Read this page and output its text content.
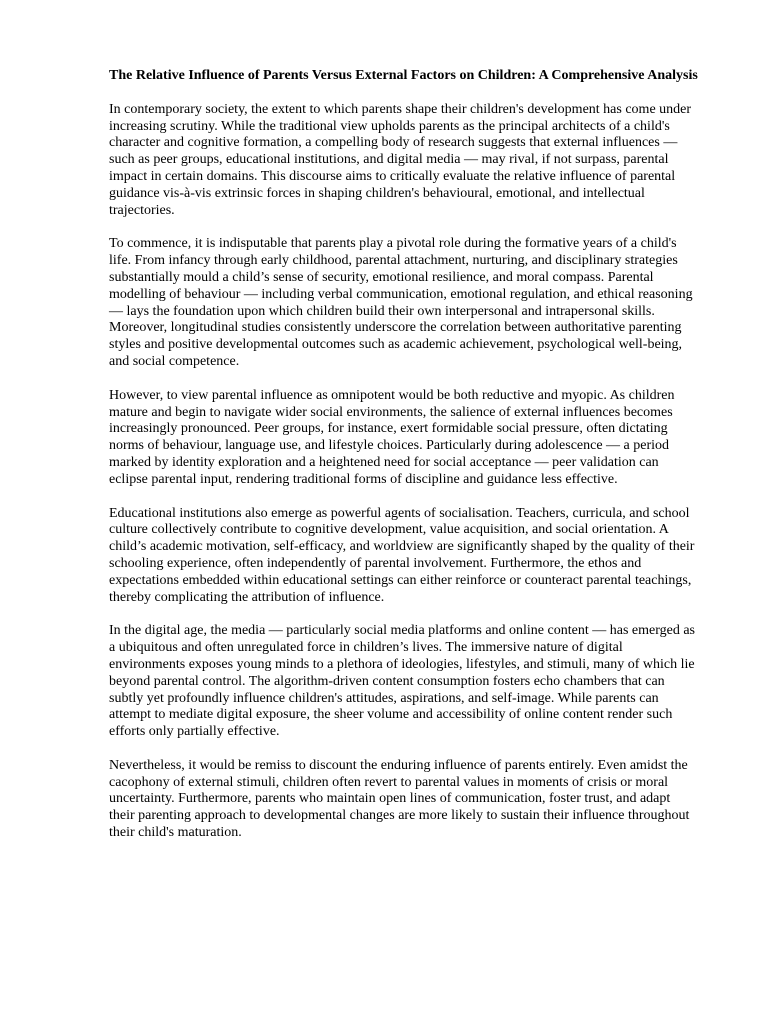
The Relative Influence of Parents Versus External Factors on Children: A Comprehensive Analysis

In contemporary society, the extent to which parents shape their children's development has come under increasing scrutiny. While the traditional view upholds parents as the principal architects of a child's character and cognitive formation, a compelling body of research suggests that external influences — such as peer groups, educational institutions, and digital media — may rival, if not surpass, parental impact in certain domains. This discourse aims to critically evaluate the relative influence of parental guidance vis-à-vis extrinsic forces in shaping children's behavioural, emotional, and intellectual trajectories.

To commence, it is indisputable that parents play a pivotal role during the formative years of a child's life. From infancy through early childhood, parental attachment, nurturing, and disciplinary strategies substantially mould a child’s sense of security, emotional resilience, and moral compass. Parental modelling of behaviour — including verbal communication, emotional regulation, and ethical reasoning — lays the foundation upon which children build their own interpersonal and intrapersonal skills. Moreover, longitudinal studies consistently underscore the correlation between authoritative parenting styles and positive developmental outcomes such as academic achievement, psychological well-being, and social competence.

However, to view parental influence as omnipotent would be both reductive and myopic. As children mature and begin to navigate wider social environments, the salience of external influences becomes increasingly pronounced. Peer groups, for instance, exert formidable social pressure, often dictating norms of behaviour, language use, and lifestyle choices. Particularly during adolescence — a period marked by identity exploration and a heightened need for social acceptance — peer validation can eclipse parental input, rendering traditional forms of discipline and guidance less effective.

Educational institutions also emerge as powerful agents of socialisation. Teachers, curricula, and school culture collectively contribute to cognitive development, value acquisition, and social orientation. A child’s academic motivation, self-efficacy, and worldview are significantly shaped by the quality of their schooling experience, often independently of parental involvement. Furthermore, the ethos and expectations embedded within educational settings can either reinforce or counteract parental teachings, thereby complicating the attribution of influence.

In the digital age, the media — particularly social media platforms and online content — has emerged as a ubiquitous and often unregulated force in children’s lives. The immersive nature of digital environments exposes young minds to a plethora of ideologies, lifestyles, and stimuli, many of which lie beyond parental control. The algorithm-driven content consumption fosters echo chambers that can subtly yet profoundly influence children's attitudes, aspirations, and self-image. While parents can attempt to mediate digital exposure, the sheer volume and accessibility of online content render such efforts only partially effective.

Nevertheless, it would be remiss to discount the enduring influence of parents entirely. Even amidst the cacophony of external stimuli, children often revert to parental values in moments of crisis or moral uncertainty. Furthermore, parents who maintain open lines of communication, foster trust, and adapt their parenting approach to developmental changes are more likely to sustain their influence throughout their child's maturation.
